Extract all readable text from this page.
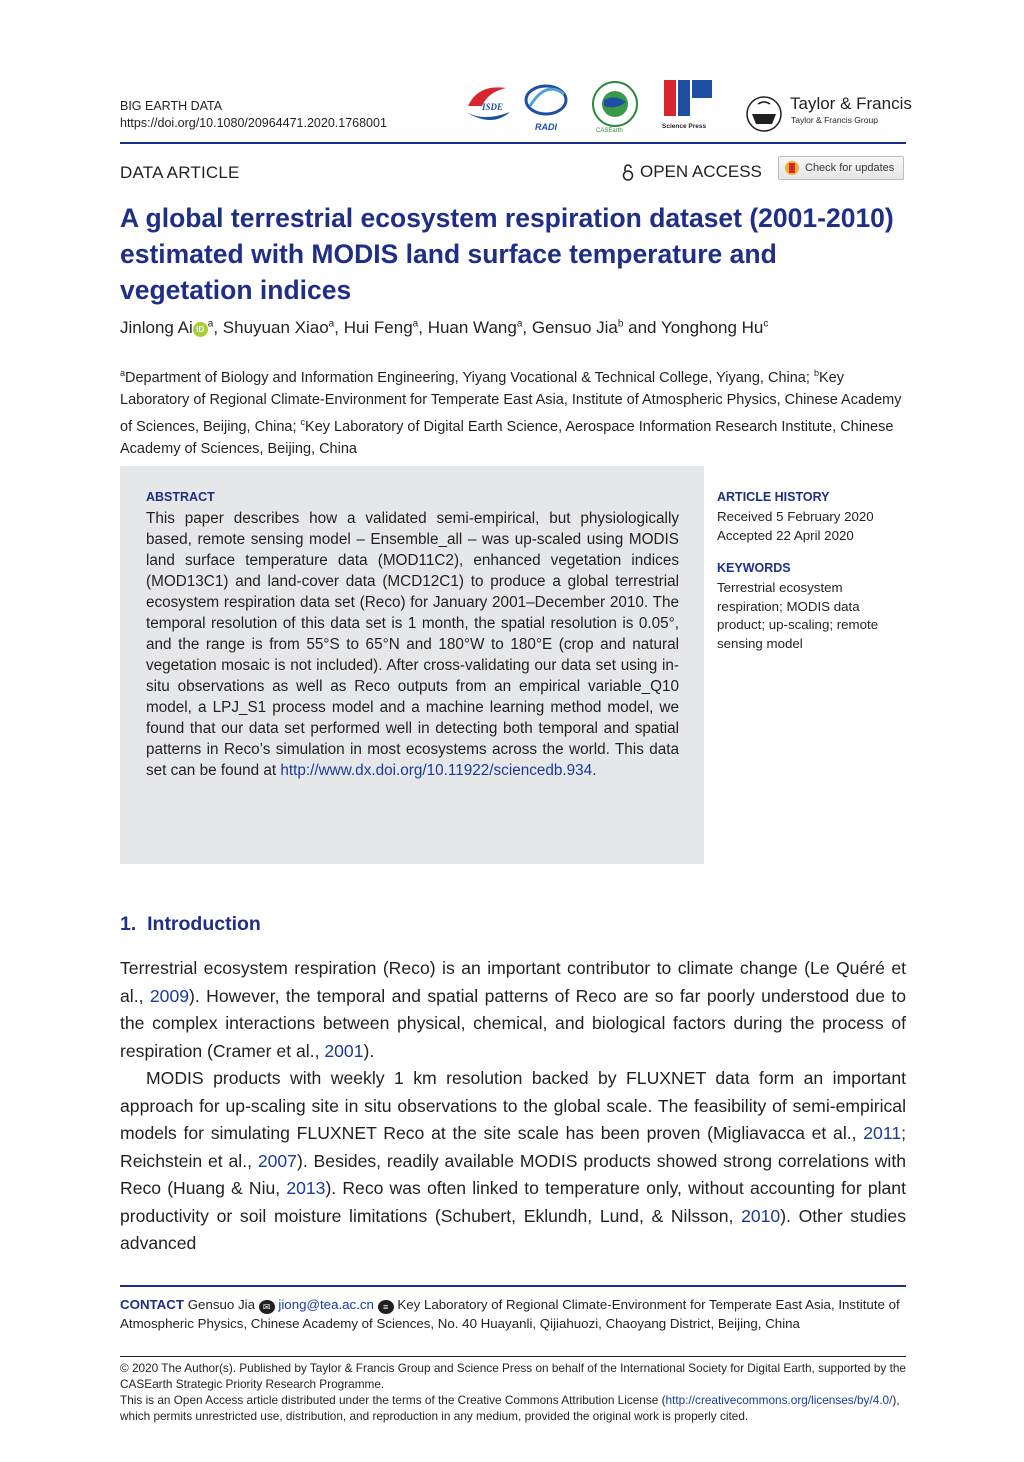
BIG EARTH DATA
https://doi.org/10.1080/20964471.2020.1768001
ISDE
RADI	CASEarth
Science Press
Taylor & Francis
Taylor & Francis Group
DATA ARTICLE	OPEN ACCESS	Check for updates
A global terrestrial ecosystem respiration dataset (2001-2010) estimated with MODIS land surface temperature and vegetation indices
Jinlong Ai $iD^a$, Shuyuan Xiao$^a$, Hui Feng$^a$, Huan Wang$^a$, Gensuo Jia$^b$ and Yonghong Hu$^c$
$^a$Department of Biology and Information Engineering, Yiyang Vocational & Technical College, Yiyang, China; $^b$Key Laboratory of Regional Climate-Environment for Temperate East Asia, Institute of Atmospheric Physics, Chinese Academy of Sciences, Beijing, China; $^c$Key Laboratory of Digital Earth Science, Aerospace Information Research Institute, Chinese Academy of Sciences, Beijing, China
ABSTRACT
This paper describes how a validated semi-empirical, but physiologically based, remote sensing model – Ensemble_all – was up-scaled using MODIS land surface temperature data (MOD11C2), enhanced vegetation indices (MOD13C1) and land-cover data (MCD12C1) to produce a global terrestrial ecosystem respiration data set (Reco) for January 2001–December 2010. The temporal resolution of this data set is 1 month, the spatial resolution is 0.05°, and the range is from 55°S to 65°N and 180°W to 180°E (crop and natural vegetation mosaic is not included). After cross-validating our data set using in-situ observations as well as Reco outputs from an empirical variable_Q10 model, a LPJ_S1 process model and a machine learning method model, we found that our data set performed well in detecting both temporal and spatial patterns in Reco’s simulation in most ecosystems across the world. This data set can be found at http://www.dx.doi.org/10.11922/sciencedb.934.
ARTICLE HISTORY
Received 5 February 2020
Accepted 22 April 2020
KEYWORDS
Terrestrial ecosystem respiration; MODIS data product; up-scaling; remote sensing model
1. Introduction

Terrestrial ecosystem respiration (Reco) is an important contributor to climate change (Le Quéré et al., 2009). However, the temporal and spatial patterns of Reco are so far poorly understood due to the complex interactions between physical, chemical, and biological factors during the process of respiration (Cramer et al., 2001).

MODIS products with weekly 1 km resolution backed by FLUXNET data form an important approach for up-scaling site in situ observations to the global scale. The feasibility of semi-empirical models for simulating FLUXNET Reco at the site scale has been proven (Migliavacca et al., 2011; Reichstein et al., 2007). Besides, readily available MODIS products showed strong correlations with Reco (Huang & Niu, 2013). Reco was often linked to temperature only, without accounting for plant productivity or soil moisture limitations (Schubert, Eklundh, Lund, & Nilsson, 2010). Other studies advanced

CONTACT Gensuo Jia ✉ jiong@tea.ac.cn ≡ Key Laboratory of Regional Climate-Environment for Temperate East Asia, Institute of Atmospheric Physics, Chinese Academy of Sciences, No. 40 Huayanli, Qijiahuozi, Chaoyang District, Beijing, China

© 2020 The Author(s). Published by Taylor & Francis Group and Science Press on behalf of the International Society for Digital Earth, supported by the CASEarth Strategic Priority Research Programme.

This is an Open Access article distributed under the terms of the Creative Commons Attribution License (http://creativecommons.org/licenses/by/4.0/), which permits unrestricted use, distribution, and reproduction in any medium, provided the original work is properly cited.
